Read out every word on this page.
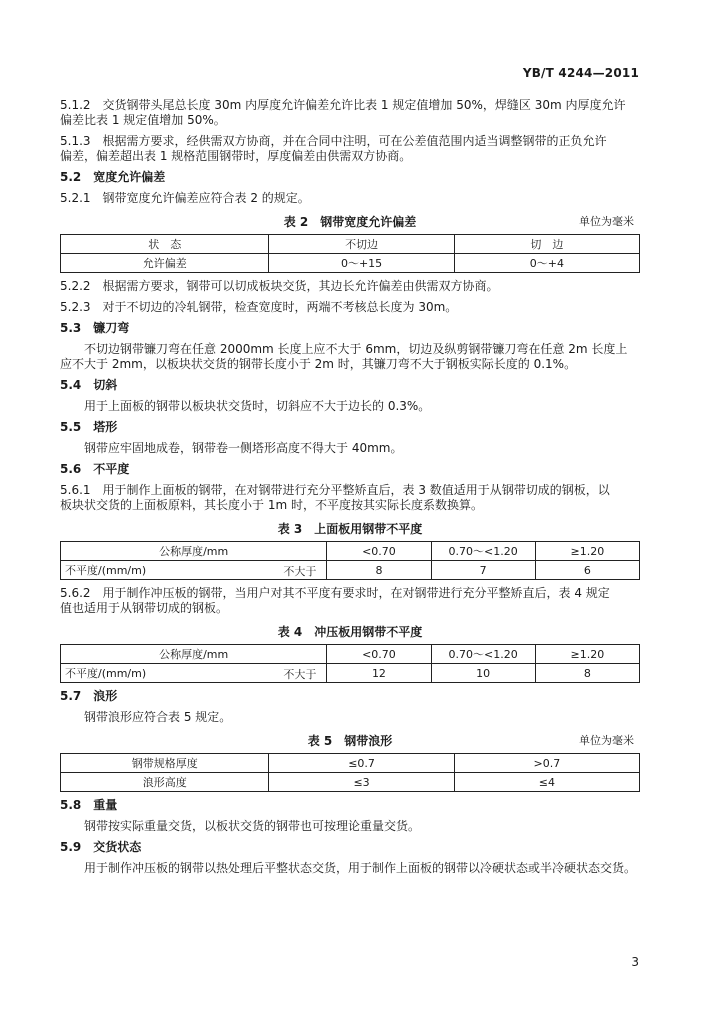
YB/T 4244—2011

5.1.2　交货钢带头尾总长度 30m 内厚度允许偏差允许比表 1 规定值增加 50%，焊缝区 30m 内厚度允许

偏差比表 1 规定值增加 50%。

5.1.3　根据需方要求，经供需双方协商，并在合同中注明，可在公差值范围内适当调整钢带的正负允许

偏差，偏差超出表 1 规格范围钢带时，厚度偏差由供需双方协商。

5.2　宽度允许偏差

5.2.1　钢带宽度允许偏差应符合表 2 的规定。

表 2　钢带宽度允许偏差	单位为毫米
状　态	不切边	切　边
允许偏差	0～+15	0～+4

5.2.2　根据需方要求，钢带可以切成板块交货，其边长允许偏差由供需双方协商。

5.2.3　对于不切边的冷轧钢带，检查宽度时，两端不考核总长度为 30m。

5.3　镰刀弯

不切边钢带镰刀弯在任意 2000mm 长度上应不大于 6mm，切边及纵剪钢带镰刀弯在任意 2m 长度上

应不大于 2mm，以板块状交货的钢带长度小于 2m 时，其镰刀弯不大于钢板实际长度的 0.1%。

5.4　切斜

用于上面板的钢带以板块状交货时，切斜应不大于边长的 0.3%。

5.5　塔形

钢带应牢固地成卷，钢带卷一侧塔形高度不得大于 40mm。

5.6　不平度

5.6.1　用于制作上面板的钢带，在对钢带进行充分平整矫直后，表 3 数值适用于从钢带切成的钢板，以

板块状交货的上面板原料，其长度小于 1m 时，不平度按其实际长度系数换算。

表 3　上面板用钢带不平度
公称厚度/mm	<0.70	0.70～<1.20	≥1.20
不平度/(mm/m) 不大于	8	7	6

5.6.2　用于制作冲压板的钢带，当用户对其不平度有要求时，在对钢带进行充分平整矫直后，表 4 规定

值也适用于从钢带切成的钢板。

表 4　冲压板用钢带不平度
公称厚度/mm	<0.70	0.70～<1.20	≥1.20
不平度/(mm/m) 不大于	12	10	8

5.7　浪形

钢带浪形应符合表 5 规定。

表 5　钢带浪形	单位为毫米
钢带规格厚度	≤0.7	>0.7
浪形高度	≤3	≤4

5.8　重量

钢带按实际重量交货，以板状交货的钢带也可按理论重量交货。

5.9　交货状态

用于制作冲压板的钢带以热处理后平整状态交货，用于制作上面板的钢带以冷硬状态或半冷硬状态交货。

3
